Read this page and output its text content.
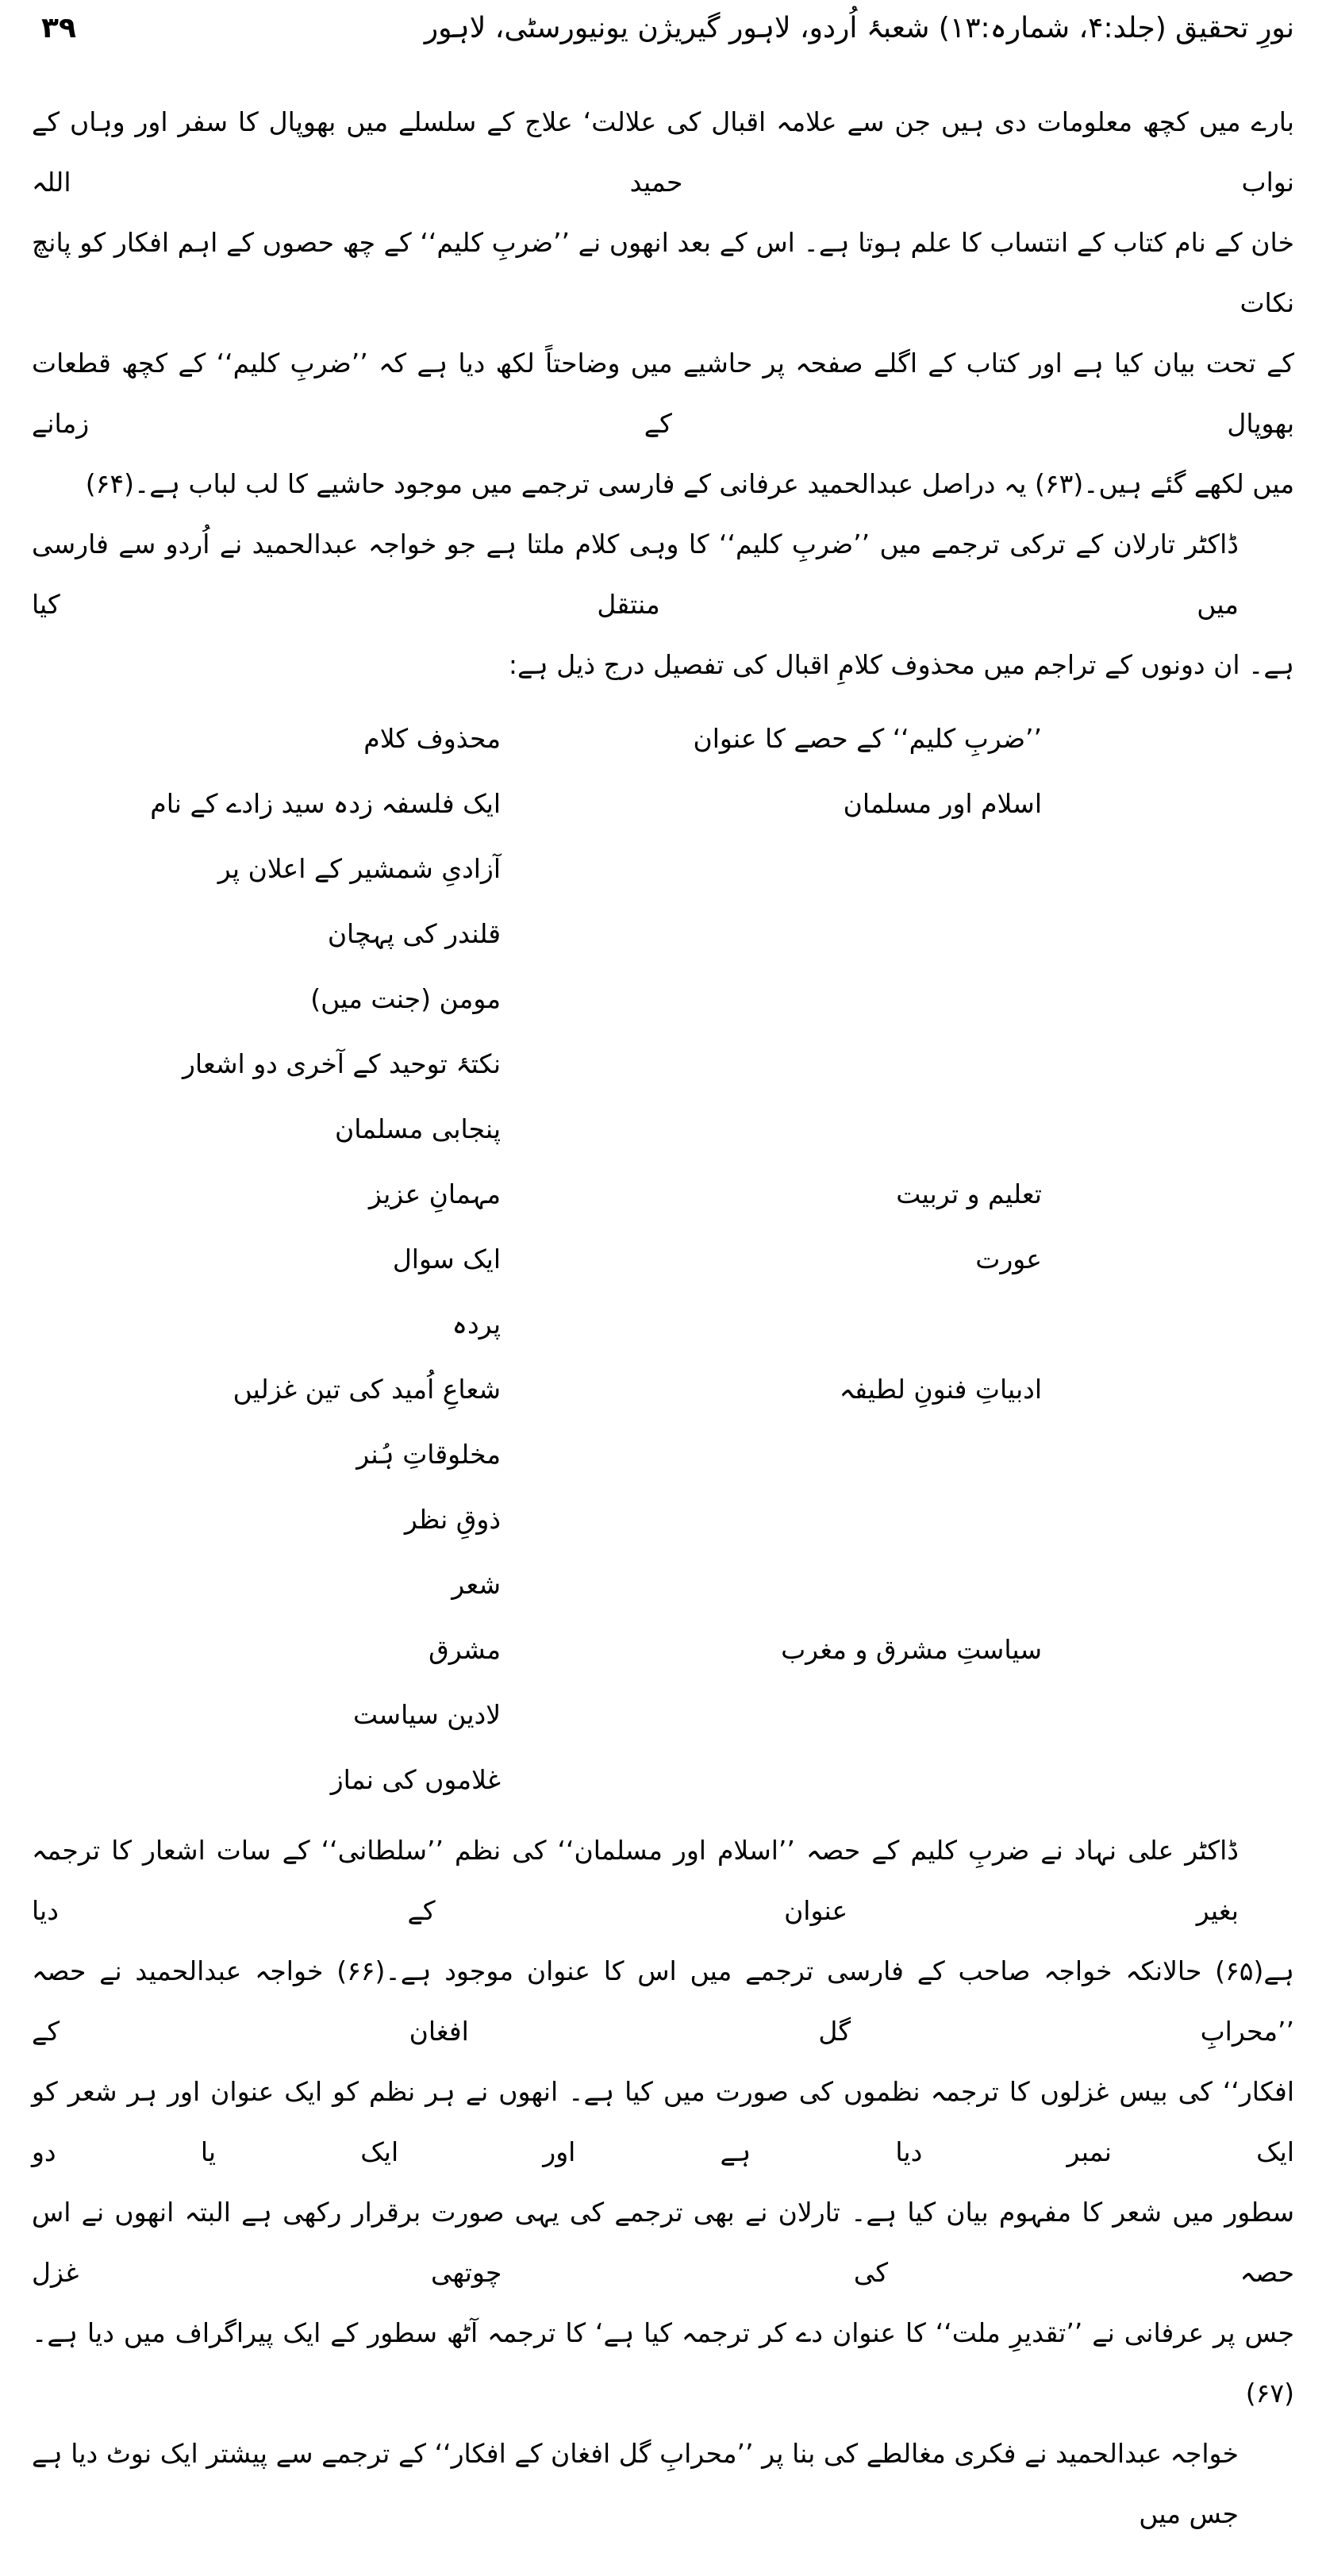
نورِ تحقیق (جلد:۴، شمارہ:۱۳) شعبۂ اُردو، لاہور گیریژن یونیورسٹی، لاہور
۳۹
بارے میں کچھ معلومات دی ہیں جن سے علامہ اقبال کی علالت‘ علاج کے سلسلے میں بھوپال کا سفر اور وہاں کے نواب حمید اللہ
خان کے نام کتاب کے انتساب کا علم ہوتا ہے۔ اس کے بعد انھوں نے ’’ضربِ کلیم‘‘ کے چھ حصوں کے اہم افکار کو پانچ نکات
کے تحت بیان کیا ہے اور کتاب کے اگلے صفحہ پر حاشیے میں وضاحتاً لکھ دیا ہے کہ ’’ضربِ کلیم‘‘ کے کچھ قطعات بھوپال کے زمانے
میں لکھے گئے ہیں۔(۶۳) یہ دراصل عبدالحمید عرفانی کے فارسی ترجمے میں موجود حاشیے کا لب لباب ہے۔(۶۴)
ڈاکٹر تارلان کے ترکی ترجمے میں ’’ضربِ کلیم‘‘ کا وہی کلام ملتا ہے جو خواجہ عبدالحمید نے اُردو سے فارسی میں منتقل کیا
ہے۔ ان دونوں کے تراجم میں محذوف کلامِ اقبال کی تفصیل درج ذیل ہے:
’’ضربِ کلیم‘‘ کے حصے کا عنوان
محذوف کلام
اسلام اور مسلمان
ایک فلسفہ زدہ سید زادے کے نام
آزادیِ شمشیر کے اعلان پر
قلندر کی پہچان
مومن (جنت میں)
نکتۂ توحید کے آخری دو اشعار
پنجابی مسلمان
تعلیم و تربیت
مہمانِ عزیز
عورت
ایک سوال
پردہ
ادبیاتِ فنونِ لطیفہ
شعاعِ اُمید کی تین غزلیں
مخلوقاتِ ہُنر
ذوقِ نظر
شعر
سیاستِ مشرق و مغرب
مشرق
لادین سیاست
غلاموں کی نماز
ڈاکٹر علی نہاد نے ضربِ کلیم کے حصہ ’’اسلام اور مسلمان‘‘ کی نظم ’’سلطانی‘‘ کے سات اشعار کا ترجمہ بغیر عنوان کے دیا
ہے(۶۵) حالانکہ خواجہ صاحب کے فارسی ترجمے میں اس کا عنوان موجود ہے۔(۶۶) خواجہ عبدالحمید نے حصہ ’’محرابِ گل افغان کے
افکار‘‘ کی بیس غزلوں کا ترجمہ نظموں کی صورت میں کیا ہے۔ انھوں نے ہر نظم کو ایک عنوان اور ہر شعر کو ایک نمبر دیا ہے اور ایک یا دو
سطور میں شعر کا مفہوم بیان کیا ہے۔ تارلان نے بھی ترجمے کی یہی صورت برقرار رکھی ہے البتہ انھوں نے اس حصہ کی چوتھی غزل
جس پر عرفانی نے ’’تقدیرِ ملت‘‘ کا عنوان دے کر ترجمہ کیا ہے‘ کا ترجمہ آٹھ سطور کے ایک پیراگراف میں دیا ہے۔(۶۷)
خواجہ عبدالحمید نے فکری مغالطے کی بنا پر ’’محرابِ گل افغان کے افکار‘‘ کے ترجمے سے پیشتر ایک نوٹ دیا ہے جس میں
